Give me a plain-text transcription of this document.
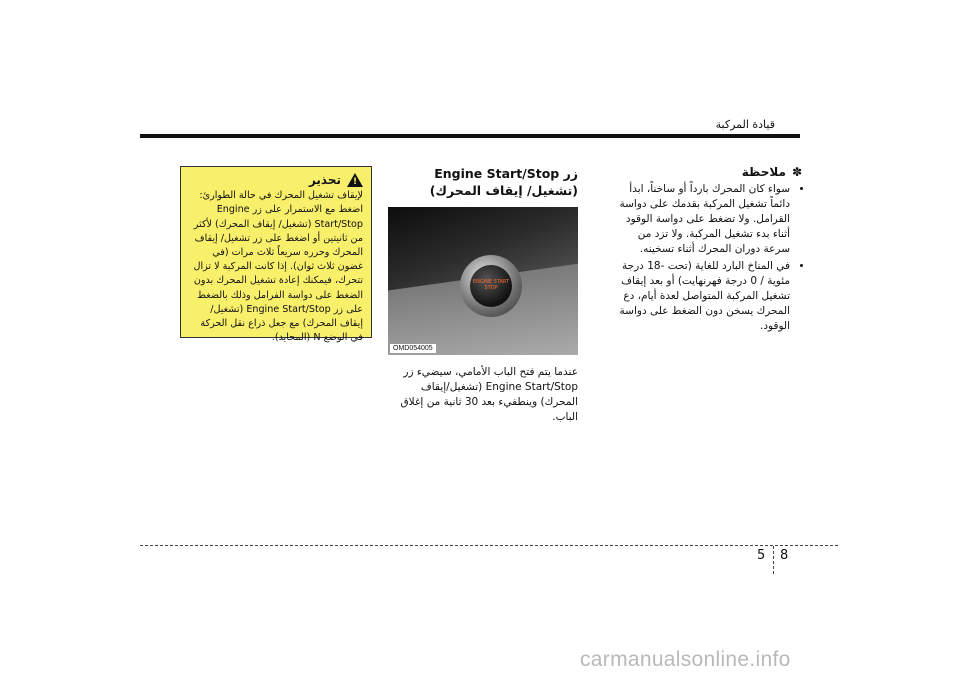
قيادة المركبة
✽ملاحظة
• سواء كان المحرك بارداً أو ساخناً، ابدأ دائماً تشغيل المركبة بقدمك على دواسة القرامل. ولا تضغط على دواسة الوقود أثناء بدء تشغيل المركبة. ولا تزد من سرعة دوران المحرك أثناء تسخينه.
• في المناخ البارد للغاية (تحت -18 درجة مئوية / 0 درجة فهرنهايت) أو بعد إيقاف تشغيل المركبة المتواصل لعدة أيام، دع المحرك يسخن دون الضغط على دواسة الوقود.
زر Engine Start/Stop
(تشغيل/ إيقاف المحرك)
ENGINE START STOP
OMD054005
عندما يتم فتح الباب الأمامي، سيضيء زر Engine Start/Stop (تشغيل/إيقاف المحرك) وينطفيء بعد 30 ثانية من إغلاق الباب.
!
تحذير
لإيقاف تشغيل المحرك في حالة الطوارئ: اضغط مع الاستمرار على زر Engine Start/Stop (تشغيل/ إيقاف المحرك) لأكثر من ثانيتين أو اضغط على زر تشغيل/ إيقاف المحرك وحرره سريعاً ثلاث مرات (في غضون ثلاث ثوان). إذا كانت المركبة لا تزال تتحرك، فيمكنك إعادة تشغيل المحرك بدون الضغط على دواسة الفرامل وذلك بالضغط على زر Engine Start/Stop (تشغيل/ إيقاف المحرك) مع جعل ذراع نقل الحركة في الوضع N (المحايد).
5 8
carmanualsonline.info
